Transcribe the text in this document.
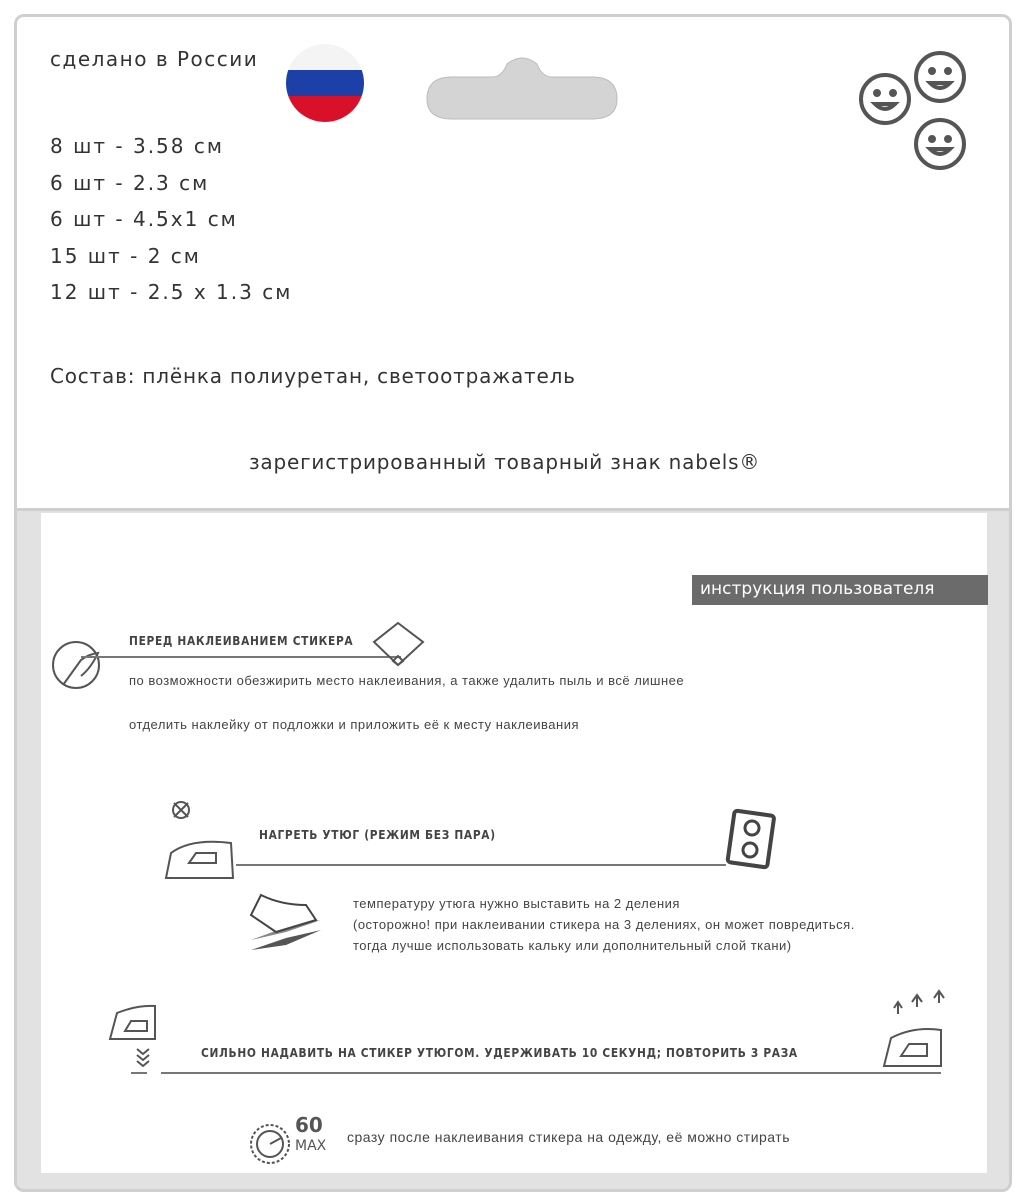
сделано в России
8 шт - 3.58 см
6 шт - 2.3 см
6 шт - 4.5x1 см
15 шт - 2 см
12 шт - 2.5 х 1.3 см
Состав: плёнка полиуретан, светоотражатель
зарегистрированный товарный знак nabels®
инструкция пользователя
ПЕРЕД НАКЛЕИВАНИЕМ СТИКЕРА
по возможности обезжирить место наклеивания, а также удалить пыль и всё лишнее
отделить наклейку от подложки и приложить её к месту наклеивания
НАГРЕТЬ УТЮГ (РЕЖИМ БЕЗ ПАРА)
температуру утюга нужно выставить на 2 деления
(осторожно! при наклеивании стикера на 3 делениях, он может повредиться.
тогда лучше использовать кальку или дополнительный слой ткани)
СИЛЬНО НАДАВИТЬ НА СТИКЕР УТЮГОМ. УДЕРЖИВАТЬ 10 СЕКУНД; ПОВТОРИТЬ 3 РАЗА
60
MAX
сразу после наклеивания стикера на одежду, её можно стирать
